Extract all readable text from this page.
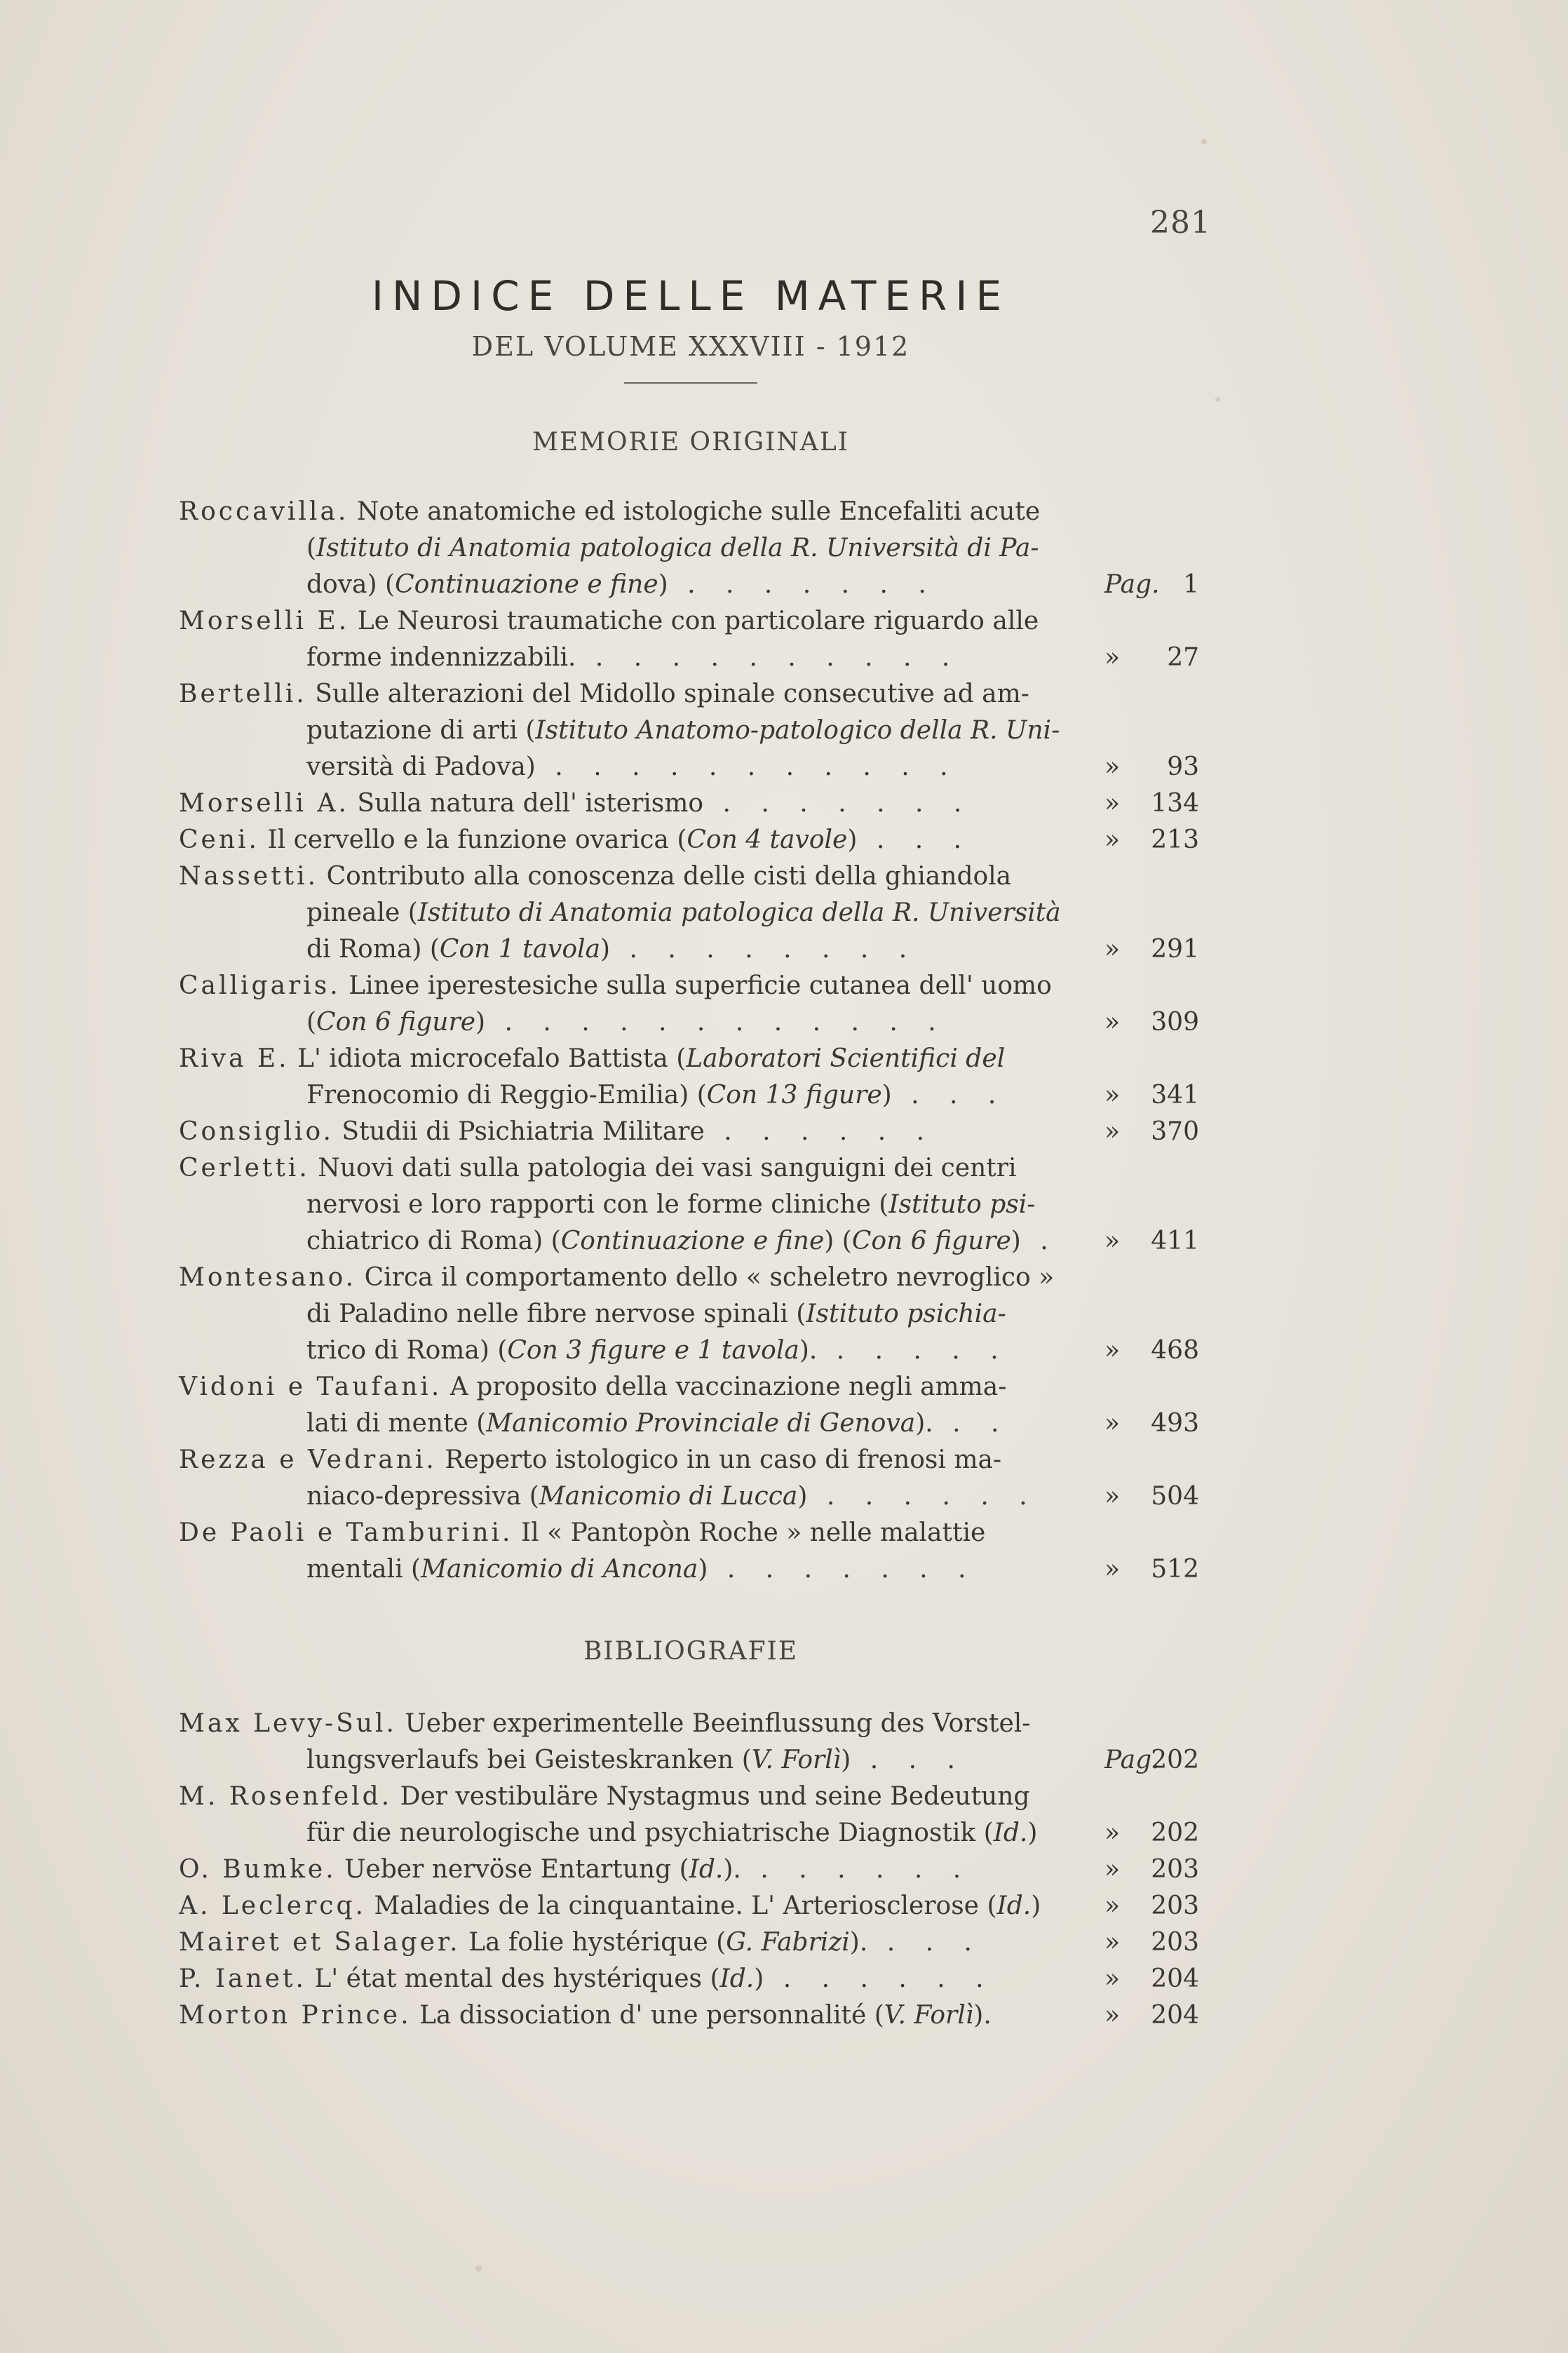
281
INDICE DELLE MATERIE
DEL VOLUME XXXVIII - 1912
MEMORIE ORIGINALI
Roccavilla. Note anatomiche ed istologiche sulle Encefaliti acute
(Istituto di Anatomia patologica della R. Università di Pa-
dova) (Continuazione e fine) . . . . . . .	Pag. 1
Morselli E. Le Neurosi traumatiche con particolare riguardo alle
forme indennizzabili. . . . . . . . . . .	» 27
Bertelli. Sulle alterazioni del Midollo spinale consecutive ad am-
putazione di arti (Istituto Anatomo-patologico della R. Uni-
versità di Padova) . . . . . . . . . . .	» 93
Morselli A. Sulla natura dell' isterismo . . . . . . .	» 134
Ceni. Il cervello e la funzione ovarica (Con 4 tavole) . . .	» 213
Nassetti. Contributo alla conoscenza delle cisti della ghiandola
pineale (Istituto di Anatomia patologica della R. Università
di Roma) (Con 1 tavola) . . . . . . . .	» 291
Calligaris. Linee iperestesiche sulla superficie cutanea dell' uomo
(Con 6 figure) . . . . . . . . . . . .	» 309
Riva E. L' idiota microcefalo Battista (Laboratori Scientifici del
Frenocomio di Reggio-Emilia) (Con 13 figure) . . .	» 341
Consiglio. Studii di Psichiatria Militare . . . . . .	» 370
Cerletti. Nuovi dati sulla patologia dei vasi sanguigni dei centri
nervosi e loro rapporti con le forme cliniche (Istituto psi-
chiatrico di Roma) (Continuazione e fine) (Con 6 figure) . » 411
Montesano. Circa il comportamento dello « scheletro nevroglico »
di Paladino nelle fibre nervose spinali (Istituto psichia-
trico di Roma) (Con 3 figure e 1 tavola). . . . . .	» 468
Vidoni e Taufani. A proposito della vaccinazione negli amma-
lati di mente (Manicomio Provinciale di Genova). . .	» 493
Rezza e Vedrani. Reperto istologico in un caso di frenosi ma-
niaco-depressiva (Manicomio di Lucca) . . . . . .	» 504
De Paoli e Tamburini. Il « Pantopòn Roche » nelle malattie
mentali (Manicomio di Ancona) . . . . . . .	» 512
BIBLIOGRAFIE
Max Levy-Sul. Ueber experimentelle Beeinflussung des Vorstel-
lungsverlaufs bei Geisteskranken (V. Forlì) . . .	Pag.202
M. Rosenfeld. Der vestibuläre Nystagmus und seine Bedeutung
für die neurologische und psychiatrische Diagnostik (Id.)	» 202
O. Bumke. Ueber nervöse Entartung (Id.). . . . . . .	» 203
A. Leclercq. Maladies de la cinquantaine. L' Arteriosclerose (Id.)	» 203
Mairet et Salager. La folie hystérique (G. Fabrizi). . . .	» 203
P. Ianet. L' état mental des hystériques (Id.) . . . . . .	» 204
Morton Prince. La dissociation d' une personnalité (V. Forlì).	» 204
